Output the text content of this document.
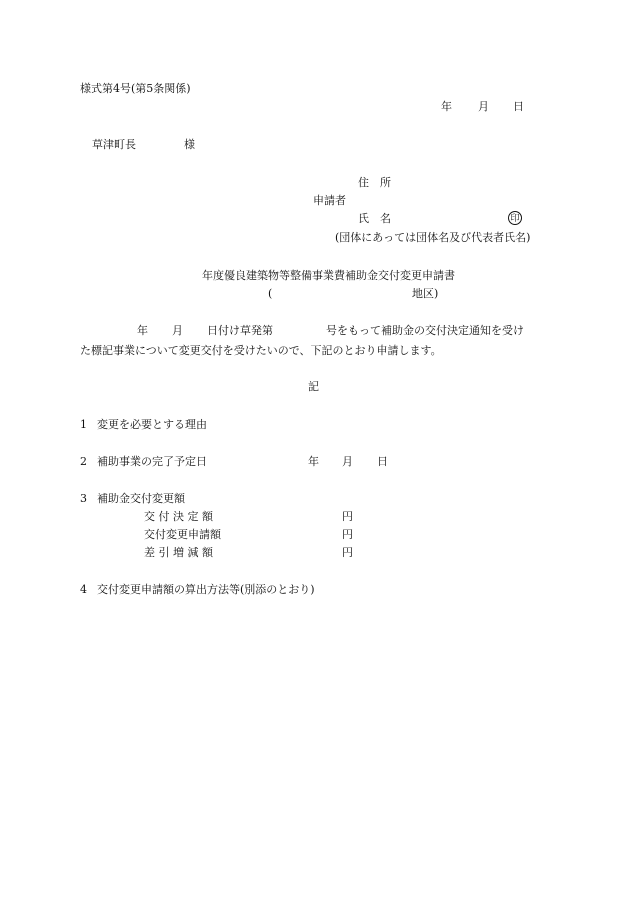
様式第4号(第5条関係)
年 月 日
草津町長	様
住　所
申請者
氏　名	印
(団体にあっては団体名及び代表者氏名)
年度優良建築物等整備事業費補助金交付変更申請書
(	地区)
年 月 日付け草発第	号をもって補助金の交付決定通知を受け
た標記事業について変更交付を受けたいので、下記のとおり申請します。
記
1 変更を必要とする理由
2 補助事業の完了予定日	年 月 日
3 補助金交付変更額
交 付 決 定 額	円
交付変更申請額	円
差 引 増 減 額	円
4 交付変更申請額の算出方法等(別添のとおり)
